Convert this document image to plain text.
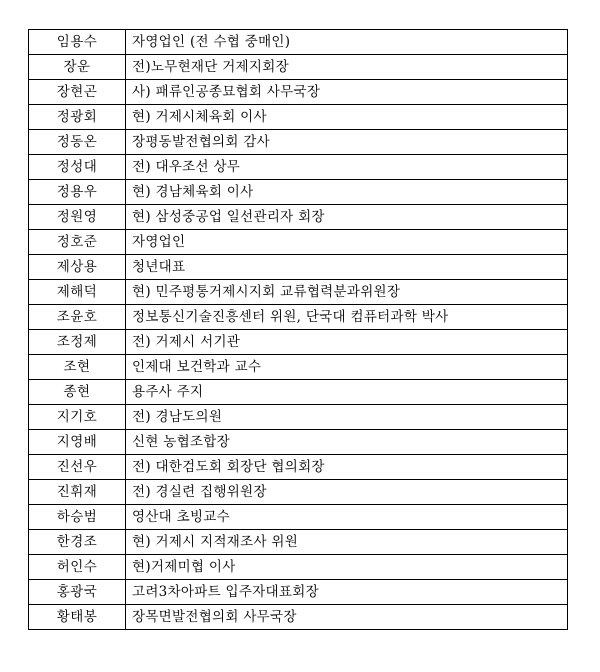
임용수	자영업인 (전 수협 중매인)
장운	전)노무현재단 거제지회장
장현곤	사) 패류인공종묘협회 사무국장
정광회	현) 거제시체육회 이사
정동온	장평동발전협의회 감사
정성대	전) 대우조선 상무
정용우	현) 경남체육회 이사
정원영	현) 삼성중공업 일선관리자 회장
정호준	자영업인
제상용	청년대표
제해덕	현) 민주평통거제시지회 교류협력분과위원장
조윤호	정보통신기술진흥센터 위원, 단국대 컴퓨터과학 박사
조정제	전) 거제시 서기관
조현	인제대 보건학과 교수
종현	용주사 주지
지기호	전) 경남도의원
지영배	신현 농협조합장
진선우	전) 대한검도회 회장단 협의회장
진휘재	전) 경실련 집행위원장
하승범	영산대 초빙교수
한경조	현) 거제시 지적재조사 위원
허인수	현)거제미협 이사
홍광국	고려3차아파트 입주자대표회장
황태봉	장목면발전협의회 사무국장
